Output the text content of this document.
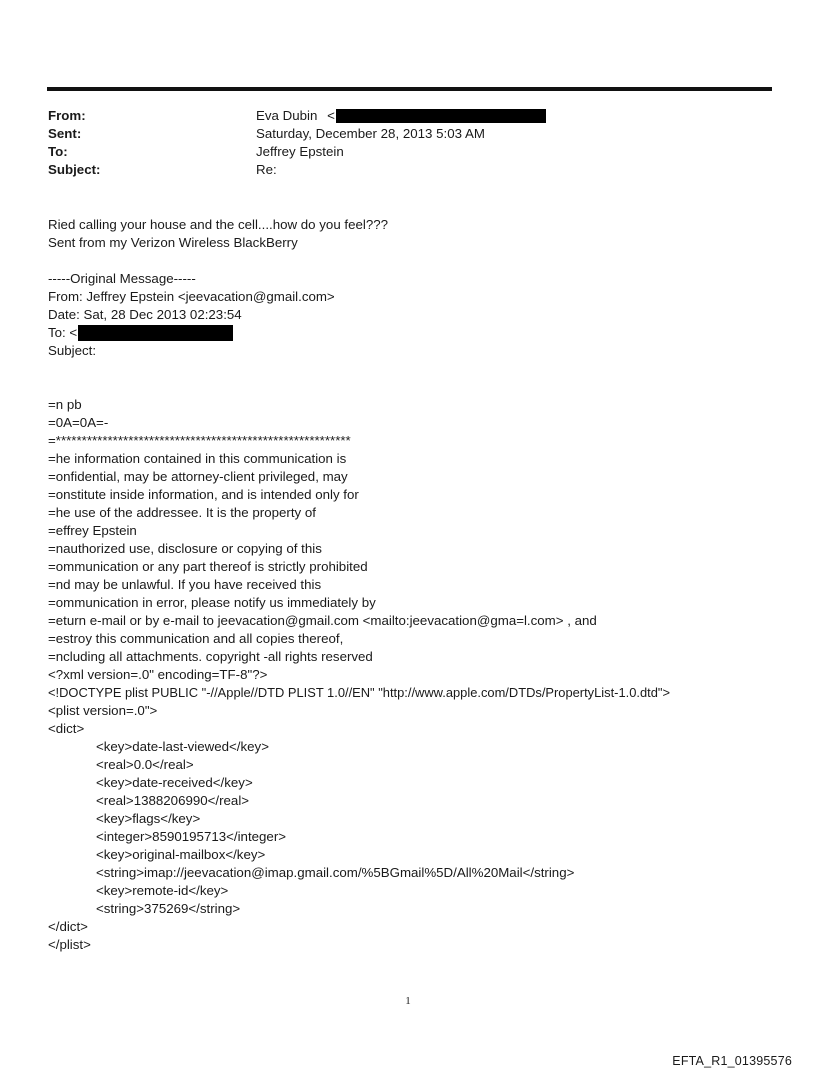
From:	Eva Dubin <
Sent:	Saturday, December 28, 2013 5:03 AM
To:	Jeffrey Epstein
Subject:	Re:
Ried calling your house and the cell....how do you feel???
Sent from my Verizon Wireless BlackBerry
-----Original Message-----
From: Jeffrey Epstein <jeevacation@gmail.com>
Date: Sat, 28 Dec 2013 02:23:54
To: <
Subject:
=n pb
=0A=0A=-
=*********************************************************
=he information contained in this communication is
=onfidential, may be attorney-client privileged, may
=onstitute inside information, and is intended only for
=he use of the addressee. It is the property of
=effrey Epstein
=nauthorized use, disclosure or copying of this
=ommunication or any part thereof is strictly prohibited
=nd may be unlawful. If you have received this
=ommunication in error, please notify us immediately by
=eturn e-mail or by e-mail to jeevacation@gmail.com <mailto:jeevacation@gma=l.com> , and
=estroy this communication and all copies thereof,
=ncluding all attachments. copyright -all rights reserved
<?xml version=.0" encoding=TF-8"?>
<!DOCTYPE plist PUBLIC "-//Apple//DTD PLIST 1.0//EN" "http://www.apple.com/DTDs/PropertyList-1.0.dtd">
<plist version=.0">
<dict>
<key>date-last-viewed</key>
<real>0.0</real>
<key>date-received</key>
<real>1388206990</real>
<key>flags</key>
<integer>8590195713</integer>
<key>original-mailbox</key>
<string>imap://jeevacation@imap.gmail.com/%5BGmail%5D/All%20Mail</string>
<key>remote-id</key>
<string>375269</string>
</dict>
</plist>
1
EFTA_R1_01395576
